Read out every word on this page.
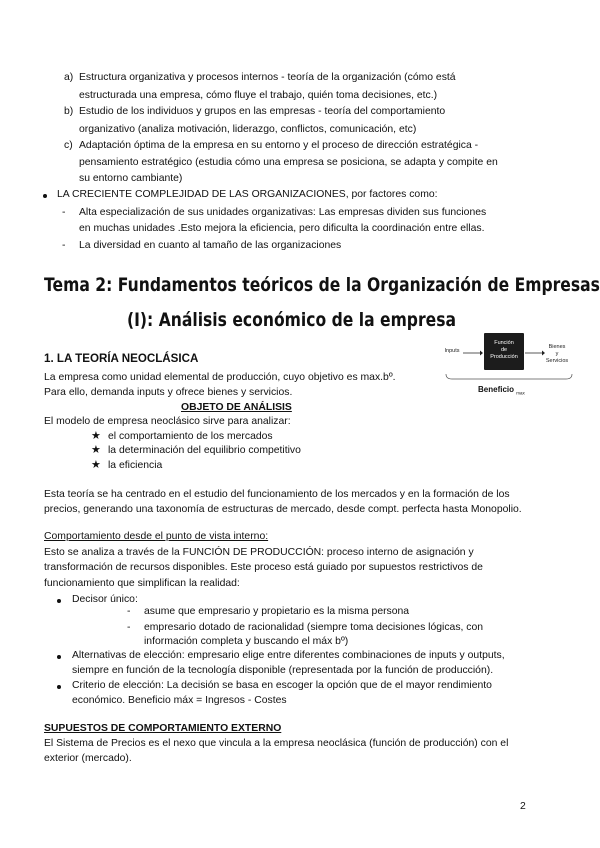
a) Estructura organizativa y procesos internos - teoría de la organización (cómo está
estructurada una empresa, cómo fluye el trabajo, quién toma decisiones, etc.)
b) Estudio de los individuos y grupos en las empresas - teoría del comportamiento
organizativo (analiza motivación, liderazgo, conflictos, comunicación, etc)
c) Adaptación óptima de la empresa en su entorno y el proceso de dirección estratégica -
pensamiento estratégico (estudia cómo una empresa se posiciona, se adapta y compite en
su entorno cambiante)
LA CRECIENTE COMPLEJIDAD DE LAS ORGANIZACIONES, por factores como:
- Alta especialización de sus unidades organizativas: Las empresas dividen sus funciones
en muchas unidades .Esto mejora la eficiencia, pero dificulta la coordinación entre ellas.
- La diversidad en cuanto al tamaño de las organizaciones
Tema 2: Fundamentos teóricos de la Organización de Empresas
(I): Análisis económico de la empresa
1. LA TEORÍA NEOCLÁSICA
La empresa como unidad elemental de producción, cuyo objetivo es max.bº.
Para ello, demanda inputs y ofrece bienes y servicios.
OBJETO DE ANÁLISIS
El modelo de empresa neoclásico sirve para analizar:
★ el comportamiento de los mercados
★ la determinación del equilibrio competitivo
★ la eficiencia
Esta teoría se ha centrado en el estudio del funcionamiento de los mercados y en la formación de los
precios, generando una taxonomía de estructuras de mercado, desde compt. perfecta hasta Monopolio.
Inputs
Función
de
Producción
Bienes
y
Servicios
Beneficio $_{max}$
Comportamiento desde el punto de vista interno:
Esto se analiza a través de la FUNCIÓN DE PRODUCCIÓN: proceso interno de asignación y
transformación de recursos disponibles. Este proceso está guiado por supuestos restrictivos de
funcionamiento que simplifican la realidad:
Decisor único:
- asume que empresario y propietario es la misma persona
- empresario dotado de racionalidad (siempre toma decisiones lógicas, con
información completa y buscando el máx bº)
Alternativas de elección: empresario elige entre diferentes combinaciones de inputs y outputs,
siempre en función de la tecnología disponible (representada por la función de producción).
Criterio de elección: La decisión se basa en escoger la opción que de el mayor rendimiento
económico. Beneficio máx = Ingresos - Costes
SUPUESTOS DE COMPORTAMIENTO EXTERNO
El Sistema de Precios es el nexo que vincula a la empresa neoclásica (función de producción) con el
exterior (mercado).
2
